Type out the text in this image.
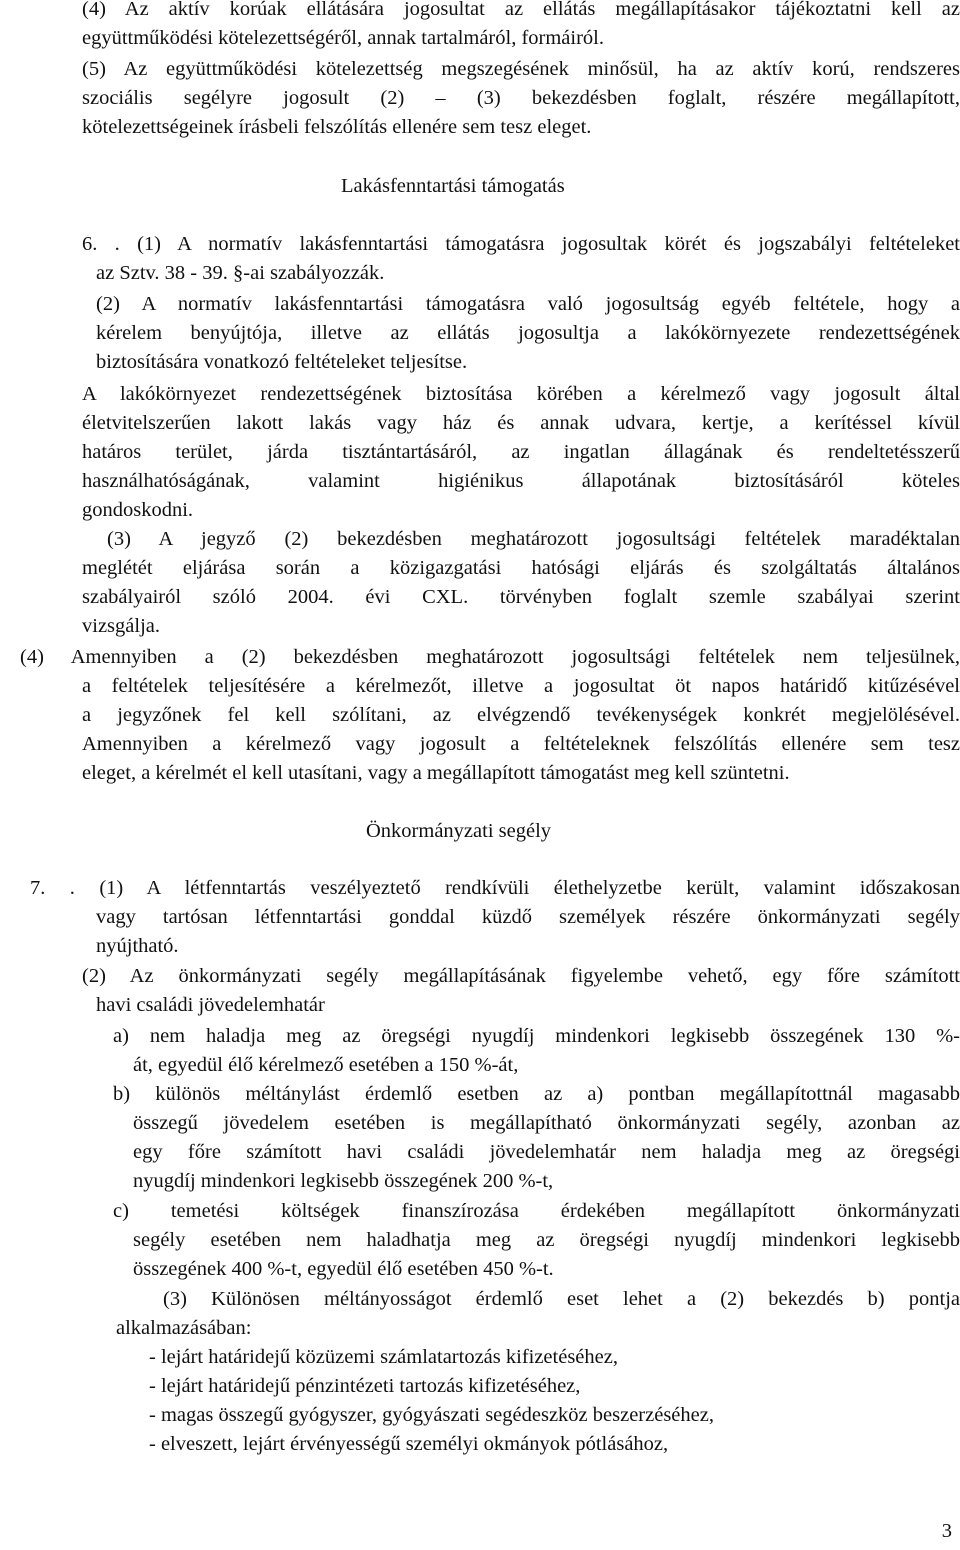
(4) Az aktív korúak ellátására jogosultat az ellátás megállapításakor tájékoztatni kell az
együttműködési kötelezettségéről, annak tartalmáról, formáiról.
(5) Az együttműködési kötelezettség megszegésének minősül, ha az aktív korú, rendszeres
szociális segélyre jogosult (2) – (3) bekezdésben foglalt, részére megállapított,
kötelezettségeinek írásbeli felszólítás ellenére sem tesz eleget.
Lakásfenntartási támogatás
6. . (1) A normatív lakásfenntartási támogatásra jogosultak körét és jogszabályi feltételeket
az Sztv. 38 - 39. §-ai szabályozzák.
(2) A normatív lakásfenntartási támogatásra való jogosultság egyéb feltétele, hogy a
kérelem benyújtója, illetve az ellátás jogosultja a lakókörnyezete rendezettségének
biztosítására vonatkozó feltételeket teljesítse.
A lakókörnyezet rendezettségének biztosítása körében a kérelmező vagy jogosult által
életvitelszerűen lakott lakás vagy ház és annak udvara, kertje, a kerítéssel kívül
határos terület, járda tisztántartásáról, az ingatlan állagának és rendeltetésszerű
használhatóságának, valamint higiénikus állapotának biztosításáról köteles
gondoskodni.
(3) A jegyző (2) bekezdésben meghatározott jogosultsági feltételek maradéktalan
meglétét eljárása során a közigazgatási hatósági eljárás és szolgáltatás általános
szabályairól szóló 2004. évi CXL. törvényben foglalt szemle szabályai szerint
vizsgálja.
(4) Amennyiben a (2) bekezdésben meghatározott jogosultsági feltételek nem teljesülnek,
a feltételek teljesítésére a kérelmezőt, illetve a jogosultat öt napos határidő kitűzésével
a jegyzőnek fel kell szólítani, az elvégzendő tevékenységek konkrét megjelölésével.
Amennyiben a kérelmező vagy jogosult a feltételeknek felszólítás ellenére sem tesz
eleget, a kérelmét el kell utasítani, vagy a megállapított támogatást meg kell szüntetni.
Önkormányzati segély
7. . (1) A létfenntartás veszélyeztető rendkívüli élethelyzetbe került, valamint időszakosan
vagy tartósan létfenntartási gonddal küzdő személyek részére önkormányzati segély
nyújtható.
(2) Az önkormányzati segély megállapításának figyelembe vehető, egy főre számított
havi családi jövedelemhatár
a) nem haladja meg az öregségi nyugdíj mindenkori legkisebb összegének 130 %-
át, egyedül élő kérelmező esetében a 150 %-át,
b) különös méltánylást érdemlő esetben az a) pontban megállapítottnál magasabb
összegű jövedelem esetében is megállapítható önkormányzati segély, azonban az
egy főre számított havi családi jövedelemhatár nem haladja meg az öregségi
nyugdíj mindenkori legkisebb összegének 200 %-t,
c) temetési költségek finanszírozása érdekében megállapított önkormányzati
segély esetében nem haladhatja meg az öregségi nyugdíj mindenkori legkisebb
összegének 400 %-t, egyedül élő esetében 450 %-t.
(3) Különösen méltányosságot érdemlő eset lehet a (2) bekezdés b) pontja
alkalmazásában:
- lejárt határidejű közüzemi számlatartozás kifizetéséhez,
- lejárt határidejű pénzintézeti tartozás kifizetéséhez,
- magas összegű gyógyszer, gyógyászati segédeszköz beszerzéséhez,
- elveszett, lejárt érvényességű személyi okmányok pótlásához,
3
